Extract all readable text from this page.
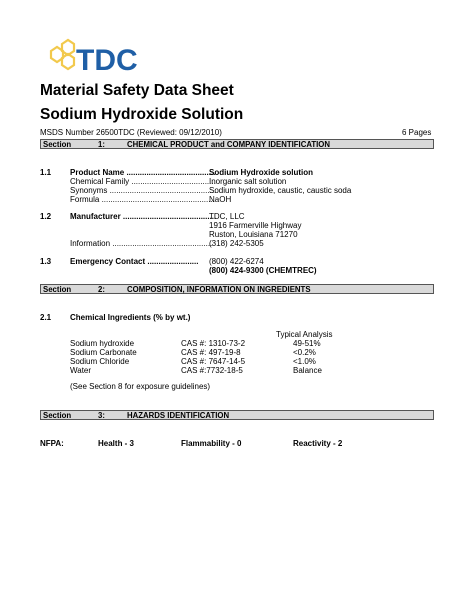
TDC
Material Safety Data Sheet
Sodium Hydroxide Solution
MSDS Number 26500TDC (Reviewed: 09/12/2010)	6 Pages
Section	1:	CHEMICAL PRODUCT and COMPANY IDENTIFICATION
1.1 Product Name ........................................
Sodium Hydroxide solution
Chemical Family ......................................
Inorganic salt solution
Synonyms ................................................
Sodium hydroxide, caustic, caustic soda
Formula ...................................................
NaOH
1.2 Manufacturer ..........................................
TDC, LLC
1916 Farmerville Highway
Ruston, Louisiana 71270
Information .............................................
(318) 242-5305
1.3 Emergency Contact ....................... (800) 422-6274
(800) 424-9300 (CHEMTREC)
Section	2:	COMPOSITION, INFORMATION ON INGREDIENTS
2.1 Chemical Ingredients (% by wt.)
Typical Analysis
Sodium hydroxide	CAS #: 1310-73-2	49-51%
Sodium Carbonate	CAS #: 497-19-8	<0.2%
Sodium Chloride	CAS #: 7647-14-5	<1.0%
Water	CAS #:7732-18-5	Balance
(See Section 8 for exposure guidelines)
Section	3:	HAZARDS IDENTIFICATION
NFPA:	Health - 3	Flammability - 0	Reactivity - 2
